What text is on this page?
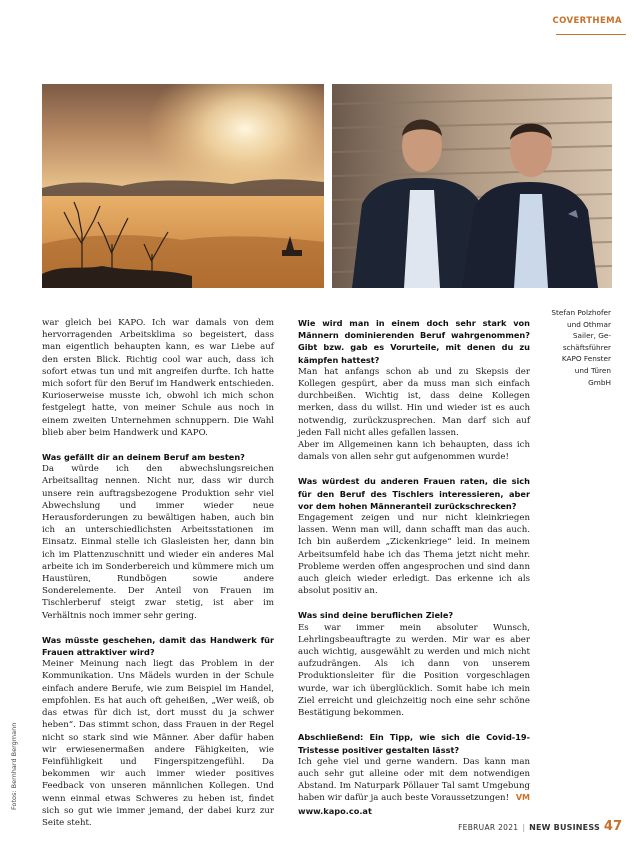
COVERTHEMA
Fotos: Bernhard Bergmann
Stefan Polzhofer
und Othmar
Sailer, Ge-
schäftsführer
KAPO Fenster
und Türen
GmbH

war gleich bei KAPO. Ich war damals von dem hervorragenden Arbeitsklima so begeistert, dass man eigentlich behaupten kann, es war Liebe auf den ersten Blick. Richtig cool war auch, dass ich sofort etwas tun und mit angreifen durfte. Ich hatte mich sofort für den Beruf im Handwerk entschieden. Kurioserweise musste ich, obwohl ich mich schon festgelegt hatte, von meiner Schule aus noch in einem zweiten Unternehmen schnuppern. Die Wahl blieb aber beim Handwerk und KAPO.

Was gefällt dir an deinem Beruf am besten?

Da würde ich den abwechslungsreichen Arbeitsalltag nennen. Nicht nur, dass wir durch unsere rein auftragsbezogene Produktion sehr viel Abwechslung und immer wieder neue Herausforderungen zu bewältigen haben, auch bin ich an unterschiedlichsten Arbeitsstationen im Einsatz. Einmal stelle ich Glasleisten her, dann bin ich im Plattenzuschnitt und wieder ein anderes Mal arbeite ich im Sonderbereich und kümmere mich um Haustüren, Rundbögen sowie andere Sonderelemente. Der Anteil von Frauen im Tischlerberuf steigt zwar stetig, ist aber im Verhältnis noch immer sehr gering.

Was müsste geschehen, damit das Handwerk für Frauen attraktiver wird?

Meiner Meinung nach liegt das Problem in der Kommunikation. Uns Mädels wurden in der Schule einfach andere Berufe, wie zum Beispiel im Handel, empfohlen. Es hat auch oft geheißen, „Wer weiß, ob das etwas für dich ist, dort musst du ja schwer heben“. Das stimmt schon, dass Frauen in der Regel nicht so stark sind wie Männer. Aber dafür haben wir erwiesenermaßen andere Fähigkeiten, wie Feinfühligkeit und Fingerspitzengefühl. Da bekommen wir auch immer wieder positives Feedback von unseren männlichen Kollegen. Und wenn einmal etwas Schweres zu heben ist, findet sich so gut wie immer jemand, der dabei kurz zur Seite steht.

Wie wird man in einem doch sehr stark von Männern dominierenden Beruf wahrgenommen? Gibt bzw. gab es Vorurteile, mit denen du zu kämpfen hattest?

Man hat anfangs schon ab und zu Skepsis der Kollegen gespürt, aber da muss man sich einfach durchbeißen. Wichtig ist, dass deine Kollegen merken, dass du willst. Hin und wieder ist es auch notwendig, zurückzusprechen. Man darf sich auf jeden Fall nicht alles gefallen lassen.

Aber im Allgemeinen kann ich behaupten, dass ich damals von allen sehr gut aufgenommen wurde!

Was würdest du anderen Frauen raten, die sich für den Beruf des Tischlers interessieren, aber vor dem hohen Männeranteil zurückschrecken?

Engagement zeigen und nur nicht kleinkriegen lassen. Wenn man will, dann schafft man das auch. Ich bin außerdem „Zickenkriege“ leid. In meinem Arbeitsumfeld habe ich das Thema jetzt nicht mehr. Probleme werden offen angesprochen und sind dann auch gleich wieder erledigt. Das erkenne ich als absolut positiv an.

Was sind deine beruflichen Ziele?

Es war immer mein absoluter Wunsch, Lehrlingsbeauftragte zu werden. Mir war es aber auch wichtig, ausgewählt zu werden und mich nicht aufzudrängen. Als ich dann von unserem Produktionsleiter für die Position vorgeschlagen wurde, war ich überglücklich. Somit habe ich mein Ziel erreicht und gleichzeitig noch eine sehr schöne Bestätigung bekommen.

Abschließend: Ein Tipp, wie sich die Covid-19-Tristesse positiver gestalten lässt?

Ich gehe viel und gerne wandern. Das kann man auch sehr gut alleine oder mit dem notwendigen Abstand. Im Naturpark Pöllauer Tal samt Umgebung haben wir dafür ja auch beste Voraussetzungen! VM

www.kapo.co.at

FEBRUAR 2021 | NEW BUSINESS 47
